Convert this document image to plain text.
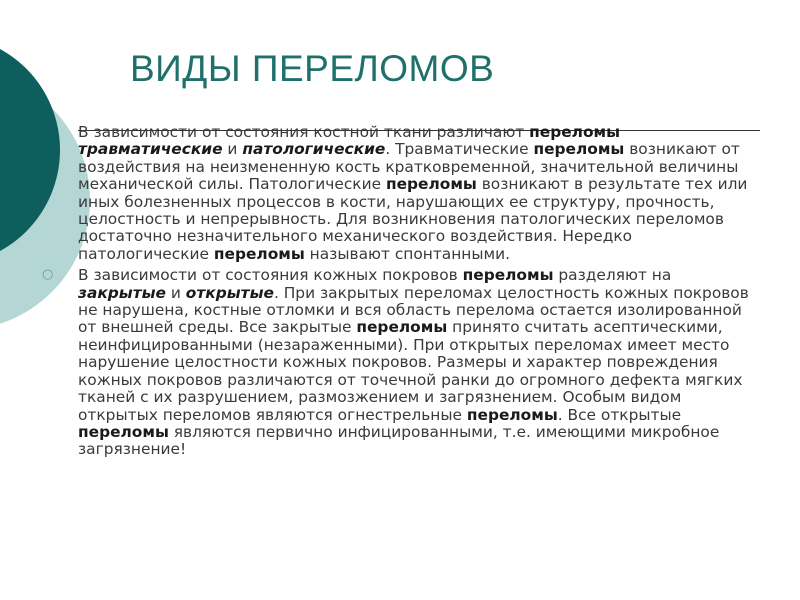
ВИДЫ ПЕРЕЛОМОВ
В зависимости от состояния костной ткани различают переломы травматические и патологические. Травматические переломы возникают от воздействия на неизмененную кость кратковременной, значительной величины механической силы. Патологические переломы возникают в результате тех или иных болезненных процессов в кости, нарушающих ее структуру, прочность, целостность и непрерывность. Для возникновения патологических переломов достаточно незначительного механического воздействия. Нередко патологические переломы называют спонтанными.
○ В зависимости от состояния кожных покровов переломы разделяют на закрытые и открытые. При закрытых переломах целостность кожных покровов не нарушена, костные отломки и вся область перелома остается изолированной от внешней среды. Все закрытые переломы принято считать асептическими, неинфицированными (незараженными). При открытых переломах имеет место нарушение целостности кожных покровов. Размеры и характер повреждения кожных покровов различаются от точечной ранки до огромного дефекта мягких тканей с их разрушением, размозжением и загрязнением. Особым видом открытых переломов являются огнестрельные переломы. Все открытые переломы являются первично инфицированными, т.е. имеющими микробное загрязнение!
